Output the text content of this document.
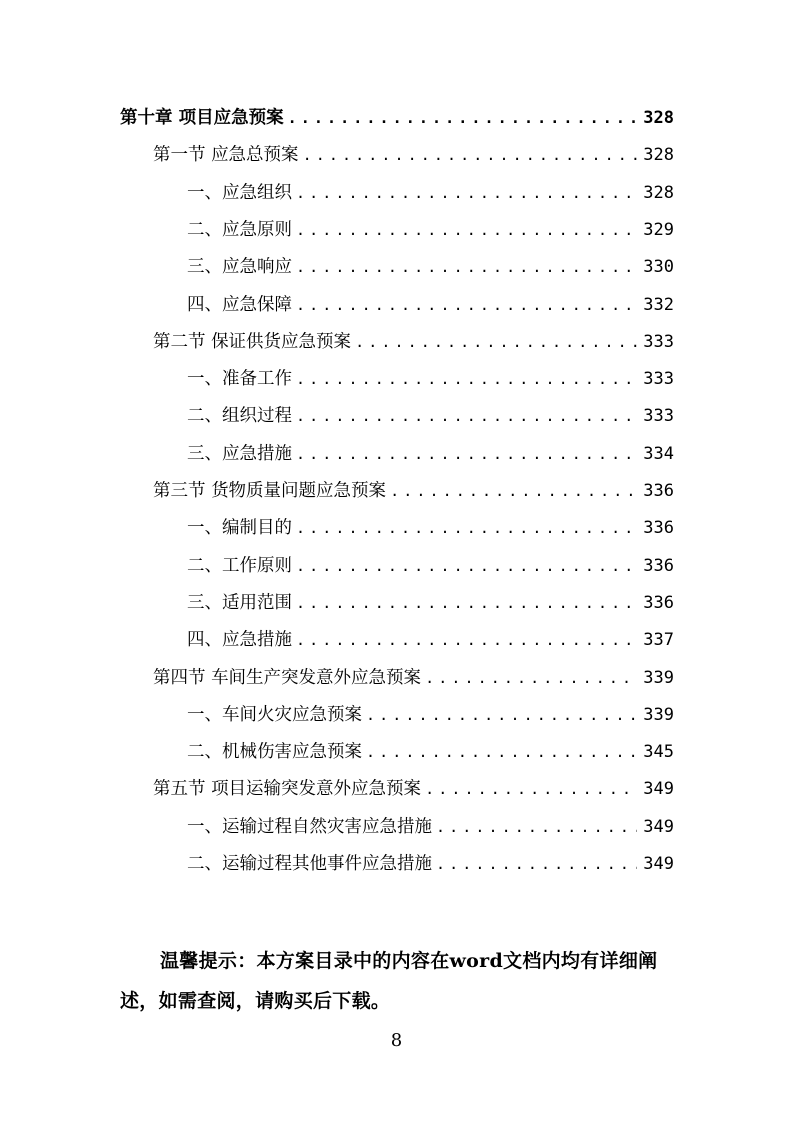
第十章 项目应急预案 .....	328
第一节 应急总预案 .....	328
一、应急组织 .....	328
二、应急原则 .....	329
三、应急响应 .....	330
四、应急保障 .....	332
第二节 保证供货应急预案 .....	333
一、准备工作 .....	333
二、组织过程 .....	333
三、应急措施 .....	334
第三节 货物质量问题应急预案 .....	336
一、编制目的 .....	336
二、工作原则 .....	336
三、适用范围 .....	336
四、应急措施 .....	337
第四节 车间生产突发意外应急预案 .....	339
一、车间火灾应急预案 .....	339
二、机械伤害应急预案 .....	345
第五节 项目运输突发意外应急预案 .....	349
一、运输过程自然灾害应急措施 .....	349
二、运输过程其他事件应急措施 .....	349

温馨提示：本方案目录中的内容在word文档内均有详细阐述，如需查阅，请购买后下载。

8
